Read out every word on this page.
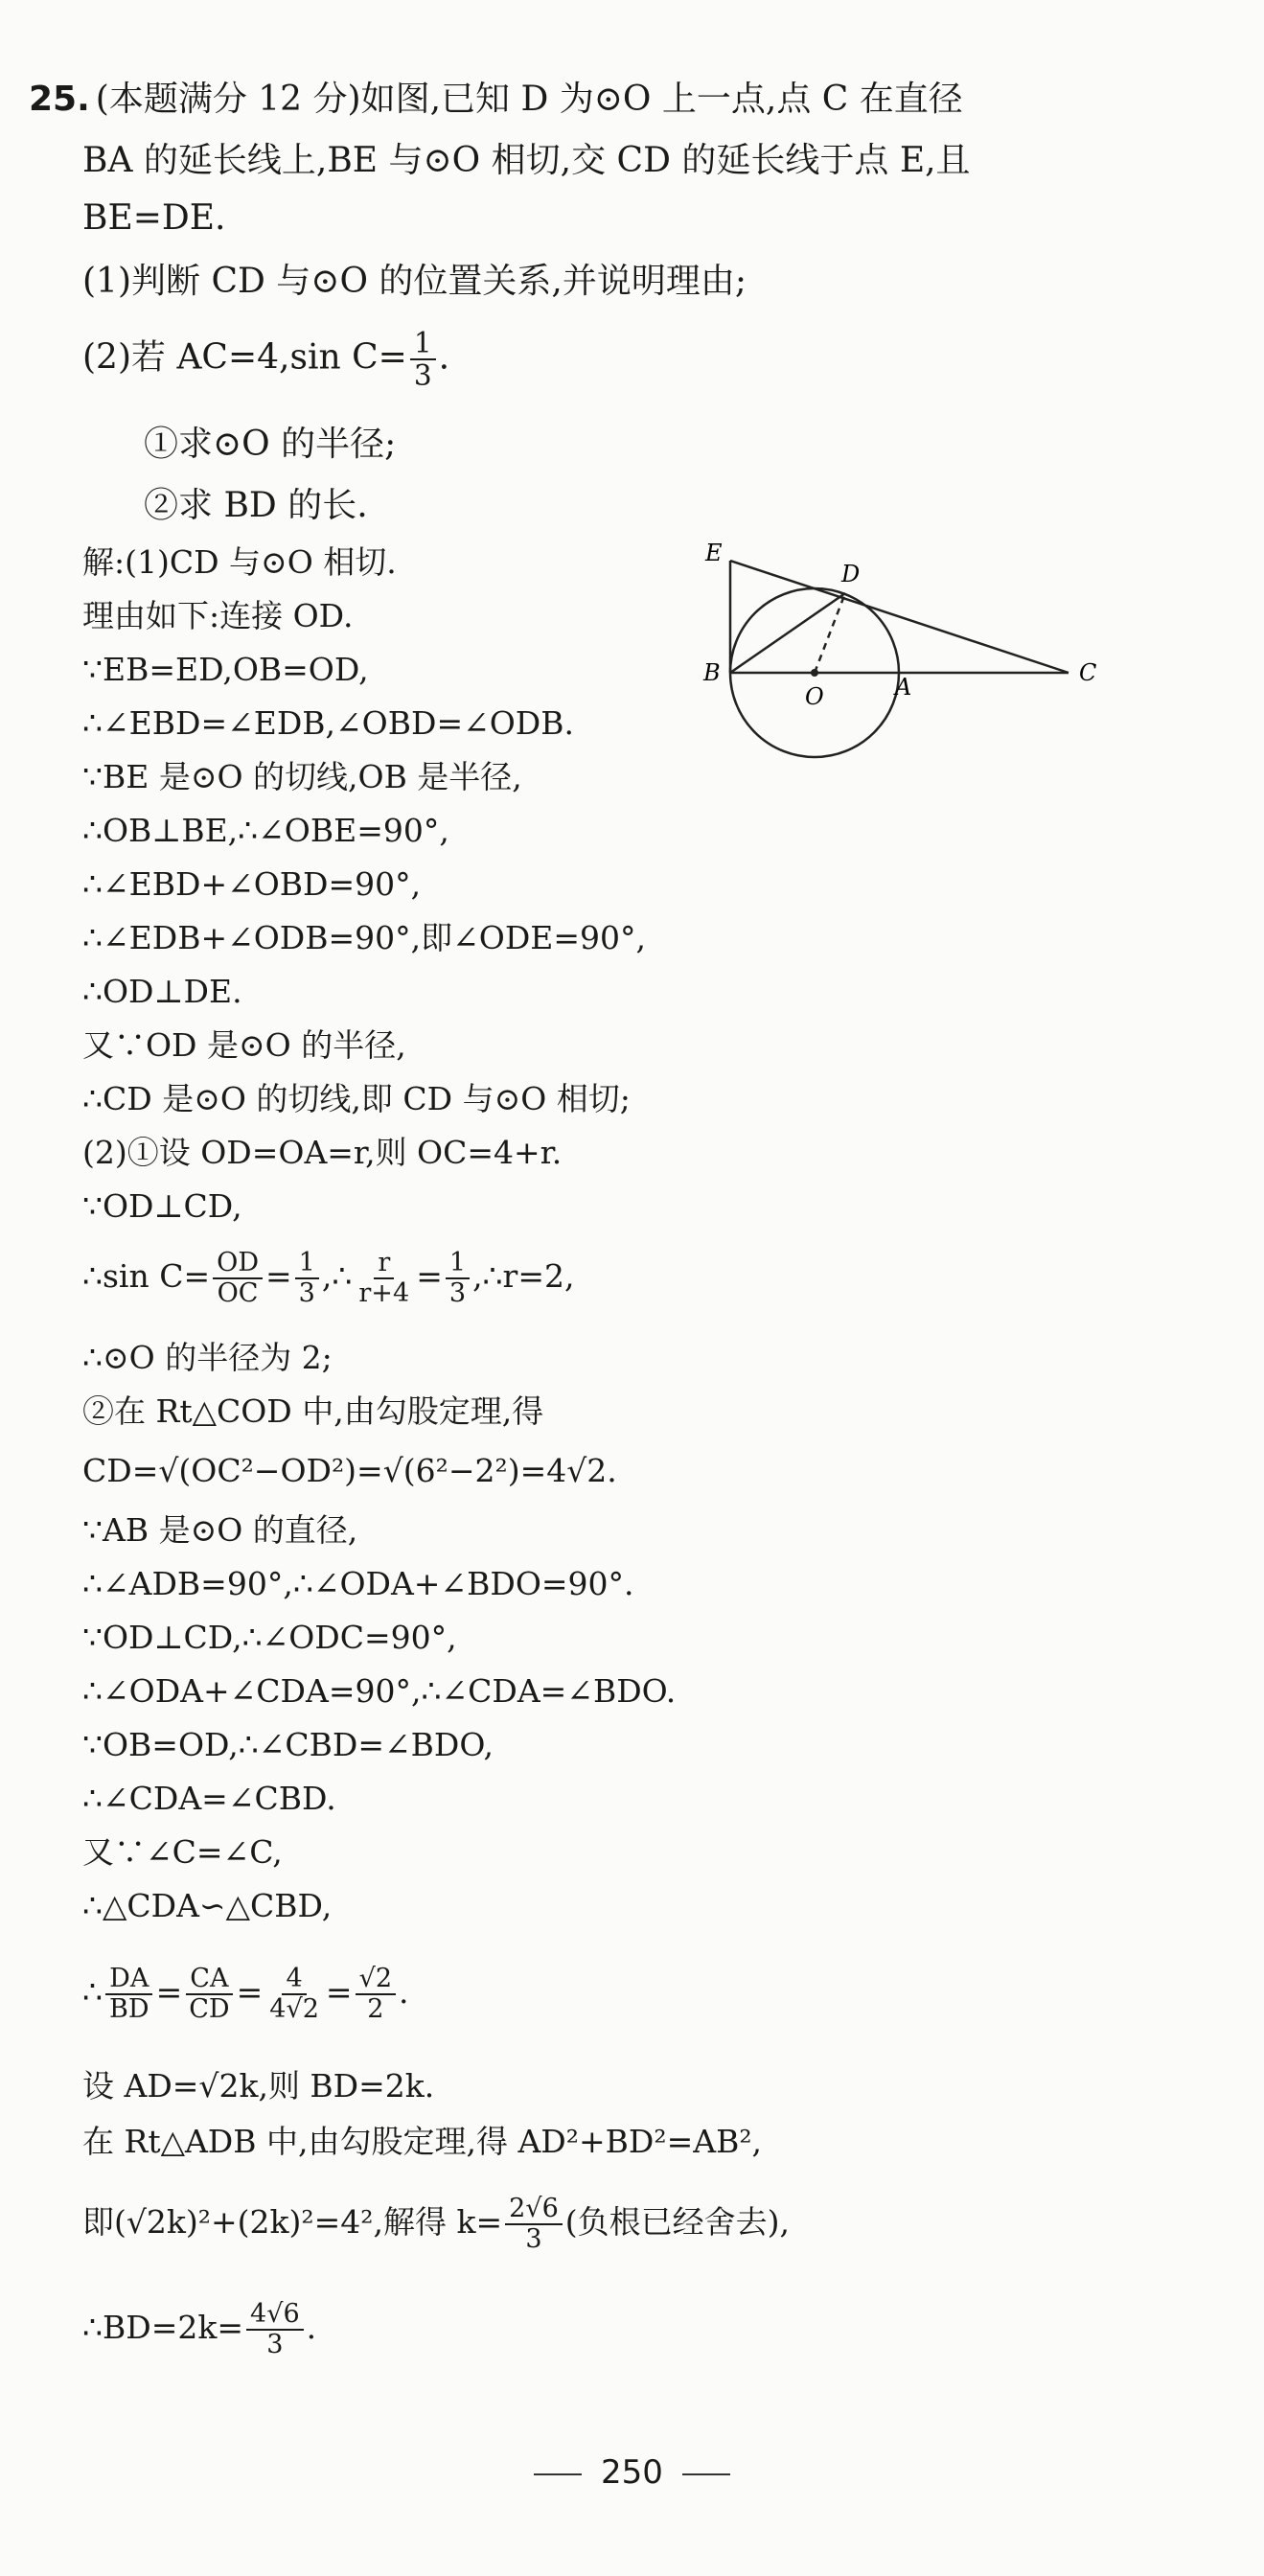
25. (本题满分 12 分)如图,已知 D 为⊙O 上一点,点 C 在直径
BA 的延长线上,BE 与⊙O 相切,交 CD 的延长线于点 E,且
BE=DE.
(1)判断 CD 与⊙O 的位置关系,并说明理由;
(2)若 AC=4,sin $C= \frac{1}{3}$ .
①求⊙O 的半径;
②求 BD 的长.
E
D
B
O	A
C
解:(1)CD 与⊙O 相切.
理由如下:连接 OD.
∵EB=ED,OB=OD,
∴∠EBD=∠EDB,∠OBD=∠ODB.
∵BE 是⊙O 的切线,OB 是半径,
∴OB⊥BE,∴∠OBE=90°,
∴∠EBD+∠OBD=90°,
∴∠EDB+∠ODB=90°,即∠ODE=90°,
∴OD⊥DE.
又∵OD 是⊙O 的半径,
∴CD 是⊙O 的切线,即 CD 与⊙O 相切;
(2)①设 OD=OA=r,则 OC=4+r.
∵OD⊥CD,
∴sin $C= \frac{OD}{OC} = \frac{1}{3}$ ,∴ $\frac{r}{r+4} = \frac{1}{3}$ ,∴r=2,
∴⊙O 的半径为 2;
②在 Rt△COD 中,由勾股定理,得
CD=√(OC²−OD²)=√(6²−2²)=4√2.
∵AB 是⊙O 的直径,
∴∠ADB=90°,∴∠ODA+∠BDO=90°.
∵OD⊥CD,∴∠ODC=90°,
∴∠ODA+∠CDA=90°,∴∠CDA=∠BDO.
∵OB=OD,∴∠CBD=∠BDO,
∴∠CDA=∠CBD.
又∵∠C=∠C,
∴△CDA∽△CBD,
∴ $\frac{DA}{BD} = \frac{CA}{CD} = \frac{4}{4√2} = \frac{√2}{2}$ .
设 AD=√2k,则 BD=2k.
在 Rt△ADB 中,由勾股定理,得 AD²+BD²=AB²,
即(√2k)²+(2k)²=4²,解得 $k= \frac{2√6}{3}$ (负根已经舍去),
∴BD=2k= $\frac{4√6}{3}$ .
250
